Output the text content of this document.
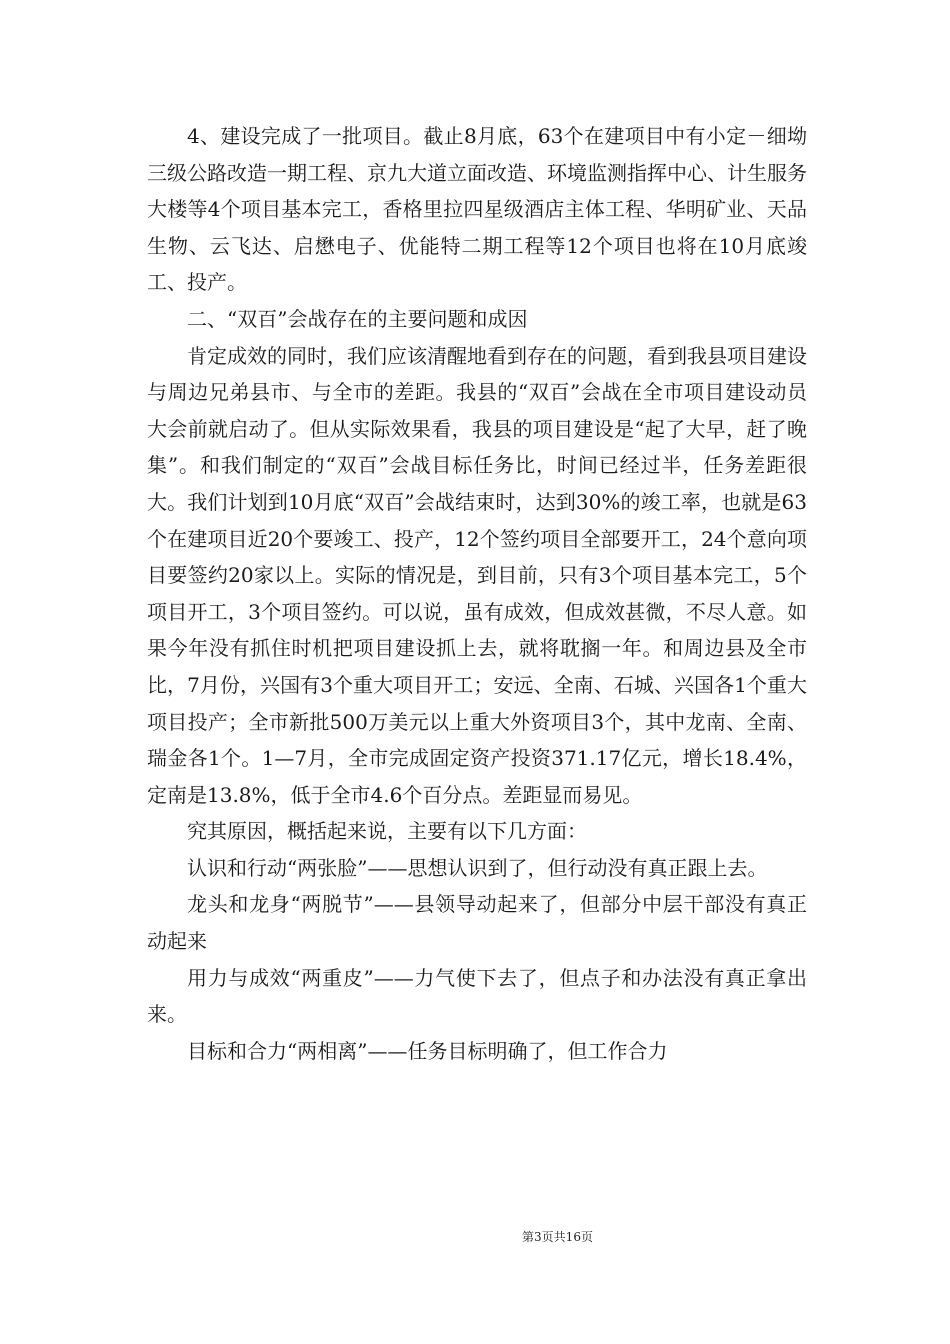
4、建设完成了一批项目。截止8月底，63个在建项目中有小定－细坳三级公路改造一期工程、京九大道立面改造、环境监测指挥中心、计生服务大楼等4个项目基本完工，香格里拉四星级酒店主体工程、华明矿业、天品生物、云飞达、启懋电子、优能特二期工程等12个项目也将在10月底竣工、投产。

二、“双百”会战存在的主要问题和成因

肯定成效的同时，我们应该清醒地看到存在的问题，看到我县项目建设与周边兄弟县市、与全市的差距。我县的“双百”会战在全市项目建设动员大会前就启动了。但从实际效果看，我县的项目建设是“起了大早，赶了晚集”。和我们制定的“双百”会战目标任务比，时间已经过半，任务差距很大。我们计划到10月底“双百”会战结束时，达到30%的竣工率，也就是63个在建项目近20个要竣工、投产，12个签约项目全部要开工，24个意向项目要签约20家以上。实际的情况是，到目前，只有3个项目基本完工，5个项目开工，3个项目签约。可以说，虽有成效，但成效甚微，不尽人意。如果今年没有抓住时机把项目建设抓上去，就将耽搁一年。和周边县及全市比，7月份，兴国有3个重大项目开工；安远、全南、石城、兴国各1个重大项目投产；全市新批500万美元以上重大外资项目3个，其中龙南、全南、瑞金各1个。1—7月，全市完成固定资产投资371.17亿元，增长18.4%，定南是13.8%，低于全市4.6个百分点。差距显而易见。

究其原因，概括起来说，主要有以下几方面：

认识和行动“两张脸”——思想认识到了，但行动没有真正跟上去。

龙头和龙身“两脱节”——县领导动起来了，但部分中层干部没有真正动起来

用力与成效“两重皮”——力气使下去了，但点子和办法没有真正拿出来。

目标和合力“两相离”——任务目标明确了，但工作合力

第3页共16页
